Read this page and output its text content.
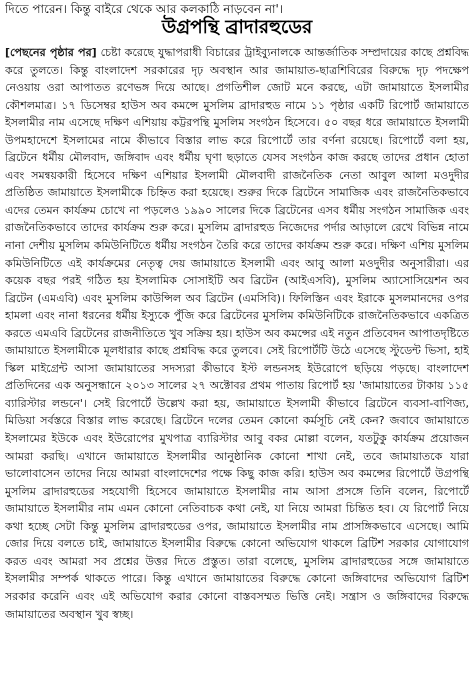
দিতে পারেন। কিন্তু বাইরে থেকে আর কলকাঠি নাড়বেন না'।
উগ্রপন্থি ব্রাদারহুডের

[পেছনের পৃষ্ঠার পর] চেষ্টা করেছে যুদ্ধাপরাধী বিচারের ট্রাইব্যুনালকে আন্তর্জাতিক সম্প্রদায়ের কাছে প্রশ্নবিদ্ধ করে তুলতে। কিন্তু বাংলাদেশ সরকারের দৃঢ় অবস্থান আর জামায়াত-ছাত্রশিবিরের বিরুদ্ধে দৃঢ় পদক্ষেপ নেওয়ায় ওরা আপাতত রণেভঙ্গ দিয়ে আছে। প্রগতিশীল জোট মনে করছে, এটা জামায়াতে ইসলামীর কৌশলমাত্র। ১৭ ডিসেম্বর হাউস অব কমন্সে মুসলিম ব্রাদারহুড নামে ১১ পৃষ্ঠার একটি রিপোর্ট জামায়াতে ইসলামীর নাম এসেছে দক্ষিণ এশিয়ায় কট্টরপন্থি মুসলিম সংগঠন হিসেবে। ৫০ বছর ধরে জামায়াতে ইসলামী উপমহাদেশে ইসলামের নামে কীভাবে বিস্তার লাভ করে রিপোর্টে তার বর্ণনা রয়েছে। রিপোর্টে বলা হয়, ব্রিটেনে ধর্মীয় মৌলবাদ, জঙ্গিবাদ এবং ধর্মীয় ঘৃণা ছড়াতে যেসব সংগঠন কাজ করছে তাদের প্রধান হোতা এবং সমন্বয়কারী হিসেবে দক্ষিণ এশিয়ার ইসলামী মৌলবাদী রাজনৈতিক নেতা আবুল আলা মওদুদীর প্রতিষ্ঠিত জামায়াতে ইসলামীকে চিহ্নিত করা হয়েছে। শুরুর দিকে ব্রিটেনে সামাজিক এবং রাজনৈতিকভাবে এদের তেমন কার্যক্রম চোখে না পড়লেও ১৯৯০ সালের দিকে ব্রিটেনের এসব ধর্মীয় সংগঠন সামাজিক এবং রাজনৈতিকভাবে তাদের কার্যক্রম শুরু করে। মুসলিম ব্রাদারহুড নিজেদের পর্দার আড়ালে রেখে বিভিন্ন নামে নানা দেশীয় মুসলিম কমিউনিটিতে ধর্মীয় সংগঠন তৈরি করে তাদের কার্যক্রম শুরু করে। দক্ষিণ এশিয় মুসলিম কমিউনিটিতে এই কার্যক্রমের নেতৃত্ব দেয় জামায়াতে ইসলামী এবং আবু আলা মওদুদীর অনুসারীরা। এর কয়েক বছর পরই গঠিত হয় ইসলামিক সোসাইটি অব ব্রিটেন (আইএসবি), মুসলিম অ্যাসোসিয়েশন অব ব্রিটেন (এমএবি) এবং মুসলিম কাউন্সিল অব ব্রিটেন (এমসিবি)। ফিলিস্তিন এবং ইরাকে মুসলমানদের ওপর হামলা এবং নানা ধরনের ধর্মীয় ইস্যুকে পুঁজি করে ব্রিটেনের মুসলিম কমিউনিটিকে রাজনৈতিকভাবে একত্রিত করতে এমএবি ব্রিটেনের রাজনীতিতে খুব সক্রিয় হয়। হাউস অব কমন্সের এই নতুন প্রতিবেদন আপাতদৃষ্টিতে জামায়াতে ইসলামীকে মূলধারার কাছে প্রশ্নবিদ্ধ করে তুলবে। সেই রিপোর্টটি উঠে এসেছে স্টুডেন্ট ভিসা, হাই স্কিল মাইগ্রেন্ট আসা জামায়াতের সদস্যরা কীভাবে ইস্ট লন্ডনসহ ইউরোপে ছড়িয়ে পড়ছে। বাংলাদেশ প্রতিদিনের এক অনুসন্ধানে ২০১৩ সালের ২৭ অক্টোবর প্রথম পাতায় রিপোর্ট হয় 'জামায়াতের টাকায় ১১৫ ব্যারিস্টার লন্ডনে'। সেই রিপোর্টে উল্লেখ করা হয়, জামায়াতে ইসলামী কীভাবে ব্রিটেনে ব্যবসা-বাণিজ্য, মিডিয়া সর্বস্তরে বিস্তার লাভ করেছে। ব্রিটেনে দলের তেমন কোনো কর্মসূচি নেই কেন? জবাবে জামায়াতে ইসলামের ইউকে এবং ইউরোপের মুখপাত্র ব্যারিস্টার আবু বকর মোল্লা বলেন, যতটুকু কার্যক্রম প্রয়োজন আমরা করছি। এখানে জামায়াতে ইসলামীর আনুষ্ঠানিক কোনো শাখা নেই, তবে জামায়াতকে যারা ভালোবাসেন তাদের নিয়ে আমরা বাংলাদেশের পক্ষে কিছু কাজ করি। হাউস অব কমন্সের রিপোর্টে উগ্রপন্থি মুসলিম ব্রাদারহুডের সহযোগী হিসেবে জামায়াতে ইসলামীর নাম আসা প্রসঙ্গে তিনি বলেন, রিপোর্টে জামায়াতে ইসলামীর নাম এমন কোনো নেতিবাচক কথা নেই, যা নিয়ে আমরা চিন্তিত হব। যে রিপোর্ট নিয়ে কথা হচ্ছে সেটা কিন্তু মুসলিম ব্রাদারহুডের ওপর, জামায়াতে ইসলামীর নাম প্রাসঙ্গিকভাবে এসেছে। আমি জোর দিয়ে বলতে চাই, জামায়াতে ইসলামীর বিরুদ্ধে কোনো অভিযোগ থাকলে ব্রিটিশ সরকার যোগাযোগ করত এবং আমরা সব প্রশ্নের উত্তর দিতে প্রস্তুত। তারা বলেছে, মুসলিম ব্রাদারহুডের সঙ্গে জামায়াতে ইসলামীর সম্পর্ক থাকতে পারে। কিন্তু এখানে জামায়াতের বিরুদ্ধে কোনো জঙ্গিবাদের অভিযোগ ব্রিটিশ সরকার করেনি এবং এই অভিযোগ করার কোনো বাস্তবসম্মত ভিত্তি নেই। সন্ত্রাস ও জঙ্গিবাদের বিরুদ্ধে জামায়াতের অবস্থান খুব স্বচ্ছ।
